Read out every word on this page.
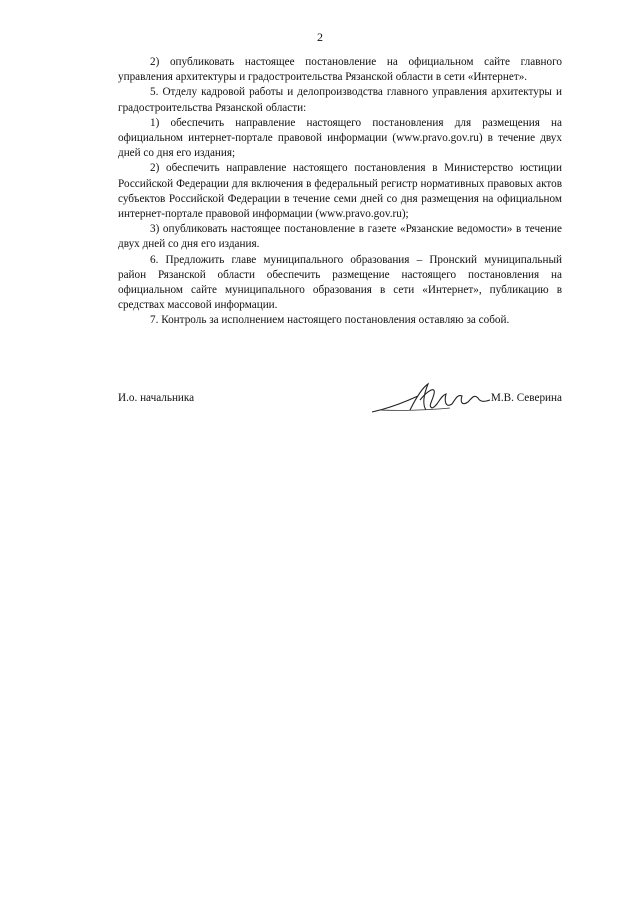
2

2) опубликовать настоящее постановление на официальном сайте главного управления архитектуры и градостроительства Рязанской области в сети «Интернет».

5. Отделу кадровой работы и делопроизводства главного управления архитектуры и градостроительства Рязанской области:

1) обеспечить направление настоящего постановления для размещения на официальном интернет-портале правовой информации (www.pravo.gov.ru) в течение двух дней со дня его издания;

2) обеспечить направление настоящего постановления в Министерство юстиции Российской Федерации для включения в федеральный регистр нормативных правовых актов субъектов Российской Федерации в течение семи дней со дня размещения на официальном интернет-портале правовой информации (www.pravo.gov.ru);

3) опубликовать настоящее постановление в газете «Рязанские ведомости» в течение двух дней со дня его издания.

6. Предложить главе муниципального образования – Пронский муниципальный район Рязанской области обеспечить размещение настоящего постановления на официальном сайте муниципального образования в сети «Интернет», публикацию в средствах массовой информации.

7. Контроль за исполнением настоящего постановления оставляю за собой.

И.о. начальника	М.В. Северина
